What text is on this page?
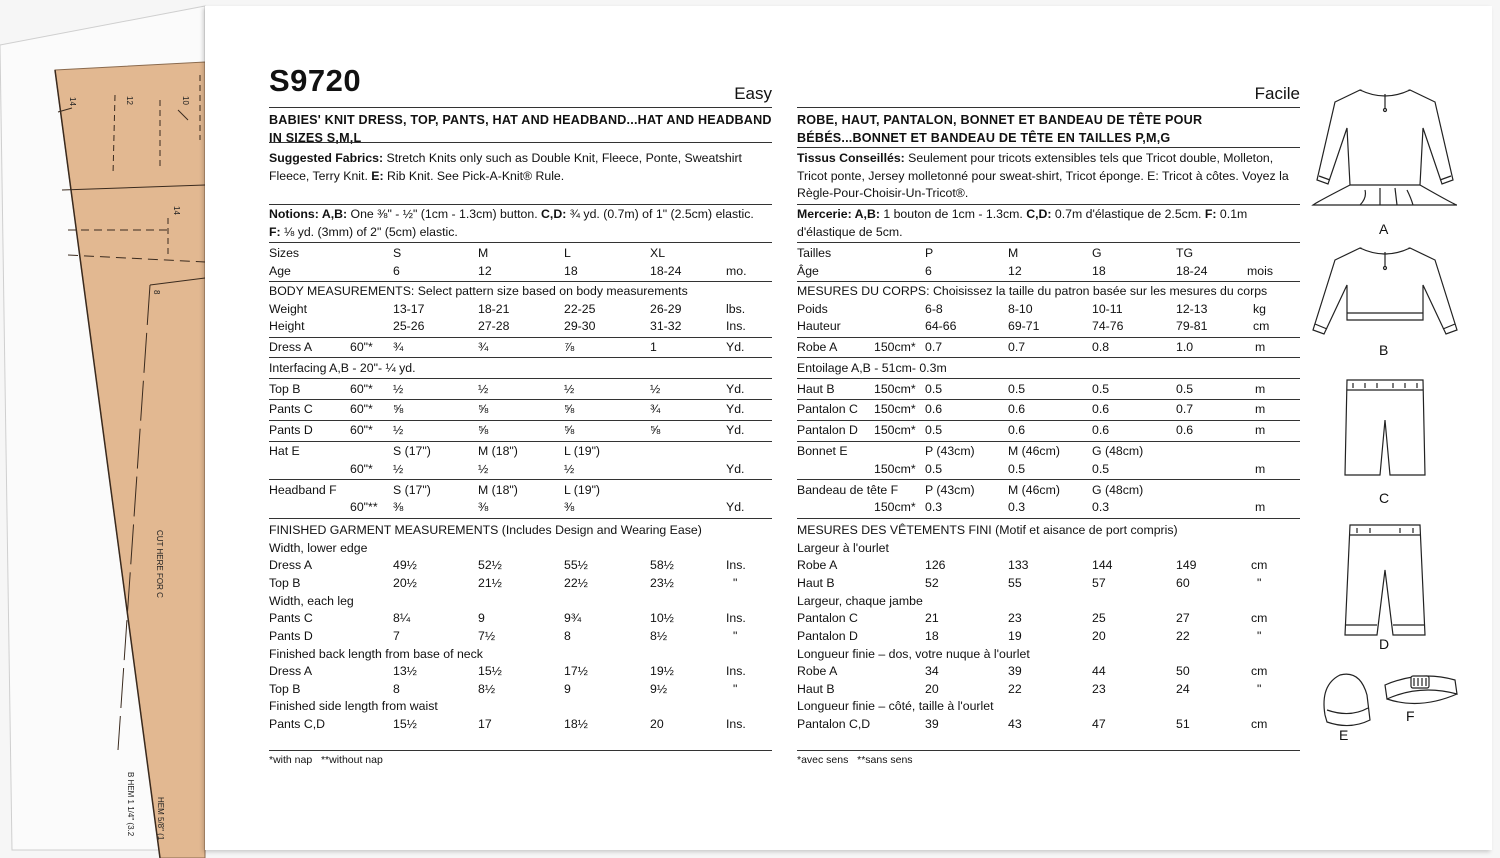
14	12	10
14
8
CUT HERE FOR C
B HEM 1 1/4" (3.2	HEM 5/8" (1
S9720	Easy
BABIES' KNIT DRESS, TOP, PANTS, HAT AND HEADBAND...HAT AND HEADBAND IN SIZES S,M,L
Suggested Fabrics: Stretch Knits only such as Double Knit, Fleece, Ponte, Sweatshirt Fleece, Terry Knit. E: Rib Knit. See Pick-A-Knit® Rule.
Notions: A,B: One ⅜" - ½" (1cm - 1.3cm) button. C,D: ¾ yd. (0.7m) of 1" (2.5cm) elastic.
F: ⅛ yd. (3mm) of 2" (5cm) elastic.
Sizes	S	M	L	XL
Age	6	12	18	18-24	mo.
BODY MEASUREMENTS: Select pattern size based on body measurements
Weight	13-17	18-21	22-25	26-29	lbs.
Height	25-26	27-28	29-30	31-32	Ins.
Dress A	60"* ¾	¾	⅞	1	Yd.
Interfacing A,B - 20"- ¼ yd.
Top B	60"* ½	½	½	½	Yd.
Pants C	60"* ⅝	⅝	⅝	¾	Yd.
Pants D	60"* ½	⅝	⅝	⅝	Yd.
Hat E	S (17")	M (18")	L (19")
60"* ½	½	½	Yd.
Headband F	S (17")	M (18")	L (19")
60"** ⅜	⅜	⅜	Yd.
FINISHED GARMENT MEASUREMENTS (Includes Design and Wearing Ease)
Width, lower edge
Dress A	49½	52½	55½	58½	Ins.
Top B	20½	21½	22½	23½	"
Width, each leg
Pants C	8¼	9	9¾	10½	Ins.
Pants D	7	7½	8	8½	"
Finished back length from base of neck
Dress A	13½	15½	17½	19½	Ins.
Top B	8	8½	9	9½	"
Finished side length from waist
Pants C,D	15½	17	18½	20	Ins.
*with nap   **without nap
Facile
ROBE, HAUT, PANTALON, BONNET ET BANDEAU DE TÊTE POUR BÉBÉS...BONNET ET BANDEAU DE TÊTE EN TAILLES P,M,G
Tissus Conseillés: Seulement pour tricots extensibles tels que Tricot double, Molleton, Tricot ponte, Jersey molletonné pour sweat-shirt, Tricot éponge. E: Tricot à côtes. Voyez la Règle-Pour-Choisir-Un-Tricot®.
Mercerie: A,B: 1 bouton de 1cm - 1.3cm. C,D: 0.7m d'élastique de 2.5cm. F: 0.1m d'élastique de 5cm.
Tailles	P	M	G	TG
Âge	6	12	18	18-24	mois
MESURES DU CORPS: Choisissez la taille du patron basée sur les mesures du corps
Poids	6-8	8-10	10-11	12-13	kg
Hauteur	64-66	69-71	74-76	79-81	cm
Robe A	150cm* 0.7	0.7	0.8	1.0	m
Entoilage A,B - 51cm- 0.3m
Haut B	150cm* 0.5	0.5	0.5	0.5	m
Pantalon C 150cm* 0.6	0.6	0.6	0.7	m
Pantalon D 150cm* 0.5	0.6	0.6	0.6	m
Bonnet E	P (43cm)	M (46cm)	G (48cm)
150cm* 0.5	0.5	0.5	m
Bandeau de tête F P (43cm)	M (46cm)	G (48cm)
150cm* 0.3	0.3	0.3	m
MESURES DES VÊTEMENTS FINI (Motif et aisance de port compris)
Largeur à l'ourlet
Robe A	126	133	144	149	cm
Haut B	52	55	57	60	"
Largeur, chaque jambe
Pantalon C	21	23	25	27	cm
Pantalon D	18	19	20	22	"
Longueur finie – dos, votre nuque à l'ourlet
Robe A	34	39	44	50	cm
Haut B	20	22	23	24	"
Longueur finie – côté, taille à l'ourlet
Pantalon C,D	39	43	47	51	cm
*avec sens   **sans sens
A
B
C
D
E
F
